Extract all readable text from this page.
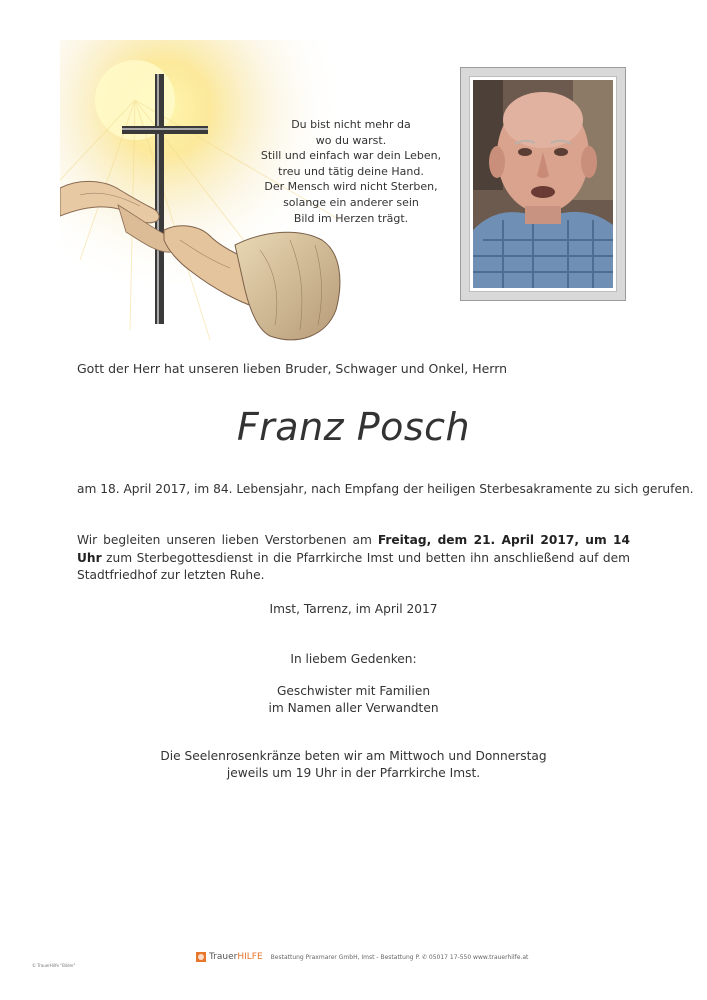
Du bist nicht mehr da
wo du warst.
Still und einfach war dein Leben,
treu und tätig deine Hand.
Der Mensch wird nicht Sterben,
solange ein anderer sein
Bild im Herzen trägt.
Gott der Herr hat unseren lieben Bruder, Schwager und Onkel, Herrn
Franz Posch
am 18. April 2017, im 84. Lebensjahr, nach Empfang der heiligen Sterbesakramente zu sich gerufen.
Wir begleiten unseren lieben Verstorbenen am Freitag, dem 21. April 2017, um 14 Uhr zum Sterbegottesdienst in die Pfarrkirche Imst und betten ihn anschließend auf dem Stadtfriedhof zur letzten Ruhe.
Imst, Tarrenz, im April 2017
In liebem Gedenken:
Geschwister mit Familien
im Namen aller Verwandten
Die Seelenrosenkränze beten wir am Mittwoch und Donnerstag
jeweils um 19 Uhr in der Pfarrkirche Imst.
Trauer HILFE Bestattung Praxmarer GmbH, Imst - Bestattung P. ✆ 05017 17-550 www.trauerhilfe.at
© TrauerHilfe "Bilder"
